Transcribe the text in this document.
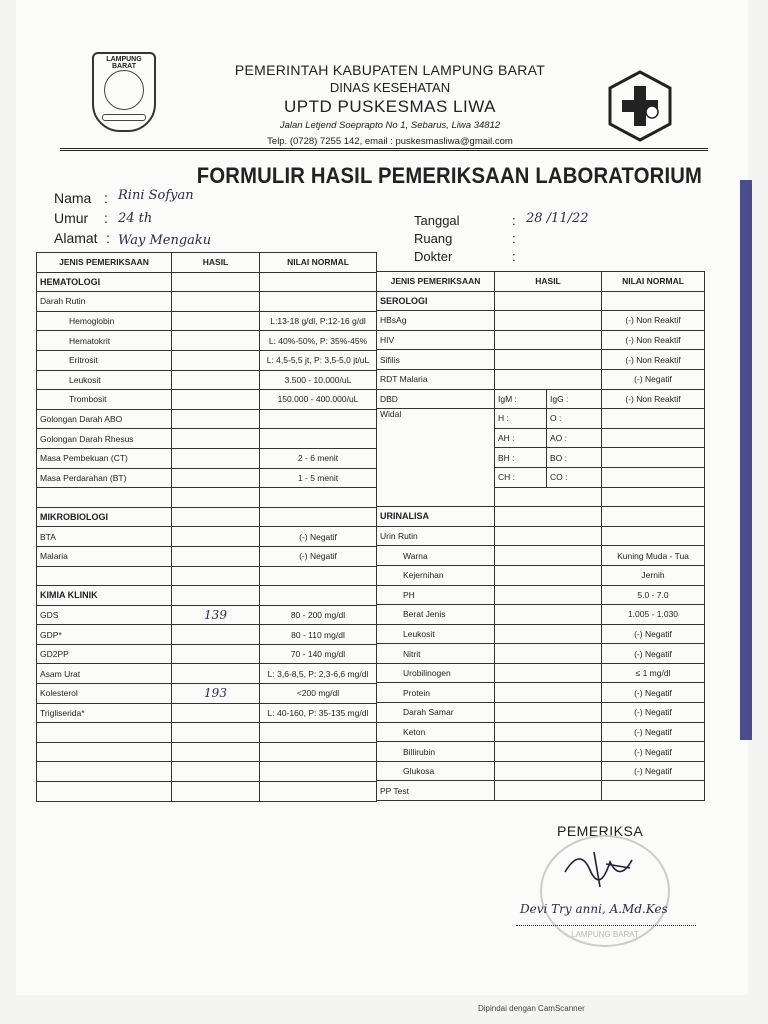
LAMPUNG BARAT	PEMERINTAH KABUPATEN LAMPUNG BARAT
DINAS KESEHATAN
UPTD PUSKESMAS LIWA
Jalan Letjend Soeprapto No 1, Sebarus, Liwa 34812
Telp. (0728) 7255 142, email : puskesmasliwa@gmail.com
FORMULIR HASIL PEMERIKSAAN LABORATORIUM
Nama : Rini Sofyan
Umur : 24 th
Alamat : Way Mengaku
Tanggal	: 28 /11/22
Ruang	:
Dokter	:
JENIS PEMERIKSAAN	HASIL	NILAI NORMAL
HEMATOLOGI		
Darah Rutin		
Hemoglobin		L:13-18 g/dl, P:12-16 g/dl
Hematokrit		L: 40%-50%, P: 35%-45%
Eritrosit		L: 4,5-5,5 jt, P: 3,5-5,0 jt/uL
Leukosit		3.500 - 10.000/uL
Trombosit		150.000 - 400.000/uL
Golongan Darah ABO		
Golongan Darah Rhesus		
Masa Pembekuan (CT)		2 - 6 menit
Masa Perdarahan (BT)		1 - 5 menit

MIKROBIOLOGI		
BTA		(-) Negatif
Malaria		(-) Negatif

KIMIA KLINIK		
GDS	139	80 - 200 mg/dl
GDP*		80 - 110 mg/dl
GD2PP		70 - 140 mg/dl
Asam Urat		L: 3,6-8,5, P: 2,3-6,6 mg/dl
Kolesterol	193	<200 mg/dl
Trigliserida*		L: 40-160, P: 35-135 mg/dl

JENIS PEMERIKSAAN	HASIL		NILAI NORMAL
SEROLOGI			
HBsAg			(-) Non Reaktif
HIV			(-) Non Reaktif
Sifilis			(-) Non Reaktif
RDT Malaria			(-) Negatif
DBD	IgM :	IgG :	(-) Non Reaktif
Widal	H :	O :	
	AH :	AO :	
	BH :	BO :	
	CH :	CO :	

URINALISA			
Urin Rutin			
Warna			Kuning Muda - Tua
Kejernihan			Jernih
PH			5.0 - 7.0
Berat Jenis			1.005 - 1.030
Leukosit			(-) Negatif
Nitrit			(-) Negatif
Urobilinogen			≤ 1 mg/dl
Protein			(-) Negatif
Darah Samar			(-) Negatif
Keton			(-) Negatif
Billirubin			(-) Negatif
Glukosa			(-) Negatif
PP Test			
PEMERIKSA
LAMPUNG BARAT
Devi Try anni, A.Md.Kes
Dipindai dengan CamScanner
